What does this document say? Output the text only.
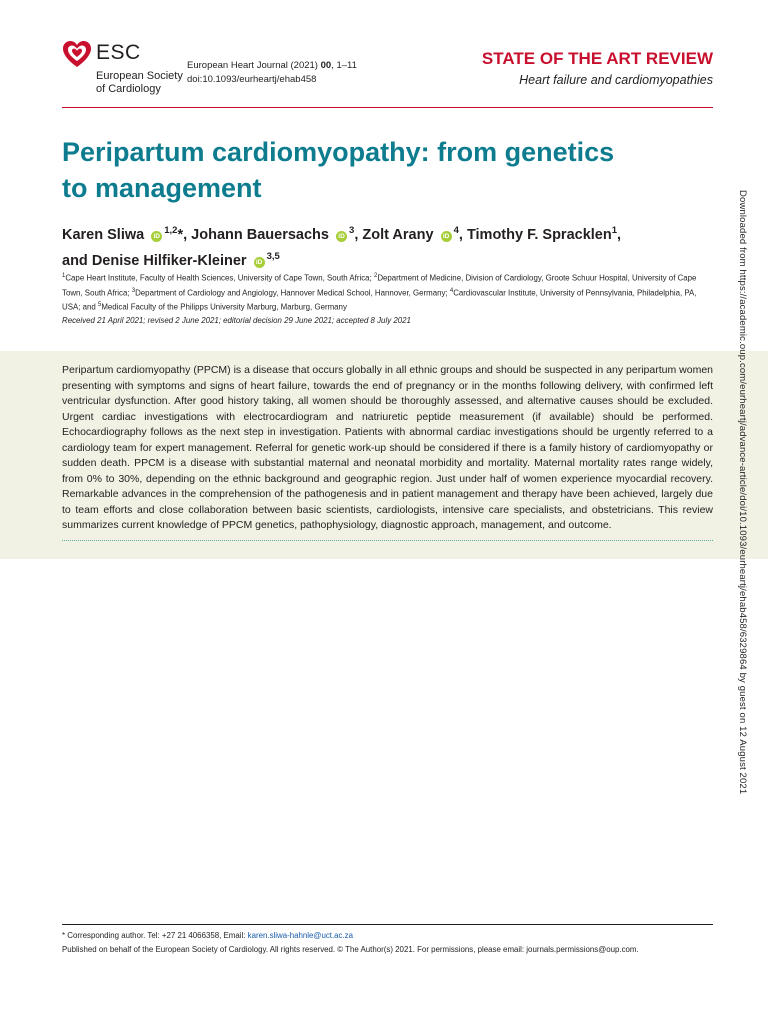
ESC
European Society
of Cardiology
European Heart Journal (2021) 00, 1–11
doi:10.1093/eurheartj/ehab458
STATE OF THE ART REVIEW
Heart failure and cardiomyopathies
Peripartum cardiomyopathy: from genetics
to management
Karen Sliwa iD$^{1,2}$*, Johann Bauersachs $iD^3$, Zolt Arany $iD^4$, Timothy F. Spracklen$^1$,
and Denise Hilfiker-Kleiner iD$^{3,5}$
$^1$Cape Heart Institute, Faculty of Health Sciences, University of Cape Town, South Africa; $^2$Department of Medicine, Division of Cardiology, Groote Schuur Hospital, University of Cape Town, South Africa; $^3$Department of Cardiology and Angiology, Hannover Medical School, Hannover, Germany; $^4$Cardiovascular Institute, University of Pennsylvania, Philadelphia, PA, USA; and $^5$Medical Faculty of the Philipps University Marburg, Marburg, Germany
Received 21 April 2021; revised 2 June 2021; editorial decision 29 June 2021; accepted 8 July 2021
Peripartum cardiomyopathy (PPCM) is a disease that occurs globally in all ethnic groups and should be suspected in any peripartum women presenting with symptoms and signs of heart failure, towards the end of pregnancy or in the months following delivery, with confirmed left ventricular dysfunction. After good history taking, all women should be thoroughly assessed, and alternative causes should be excluded. Urgent cardiac investigations with electrocardiogram and natriuretic peptide measurement (if available) should be performed. Echocardiography follows as the next step in investigation. Patients with abnormal cardiac investigations should be urgently referred to a cardiology team for expert management. Referral for genetic work-up should be considered if there is a family history of cardiomyopathy or sudden death. PPCM is a disease with substantial maternal and neonatal morbidity and mortality. Maternal mortality rates range widely, from 0% to 30%, depending on the ethnic background and geographic region. Just under half of women experience myocardial recovery. Remarkable advances in the comprehension of the pathogenesis and in patient management and therapy have been achieved, largely due to team efforts and close collaboration between basic scientists, cardiologists, intensive care specialists, and obstetricians. This review summarizes current knowledge of PPCM genetics, pathophysiology, diagnostic approach, management, and outcome.	Downloaded from https://academic.oup.com/eurheartj/advance-article/doi/10.1093/eurheartj/ehab458/6329864 by guest on 12 August 2021
* Corresponding author. Tel: +27 21 4066358, Email: karen.sliwa-hahnle@uct.ac.za
Published on behalf of the European Society of Cardiology. All rights reserved. © The Author(s) 2021. For permissions, please email: journals.permissions@oup.com.
